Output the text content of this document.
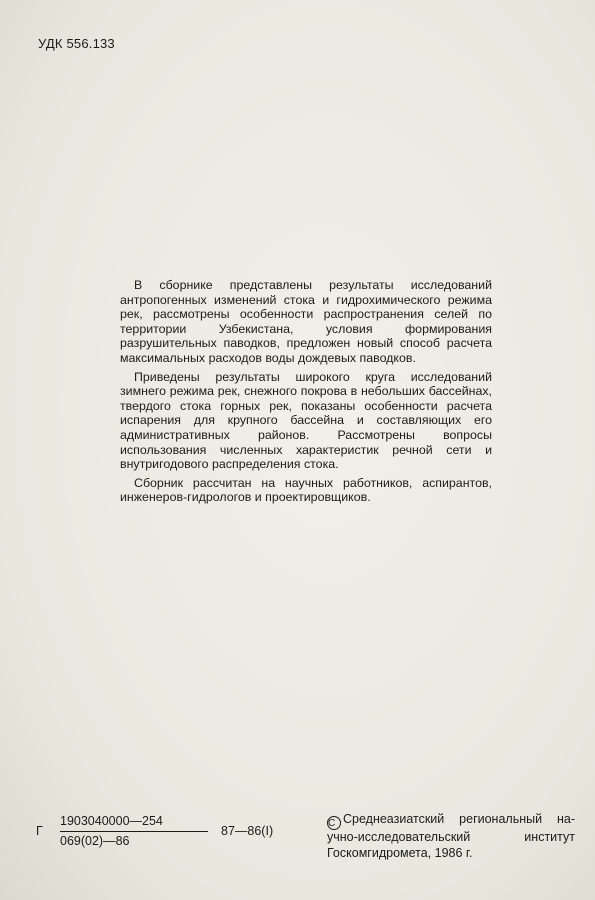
УДК 556.133

В сборнике представлены результаты исследований антропогенных изменений стока и гидрохимического режима рек, рассмотрены особенности распространения селей по территории Узбекистана, условия формирования разрушительных паводков, предложен новый способ расчета максимальных расходов воды дождевых паводков.

Приведены результаты широкого круга исследований зимнего режима рек, снежного покрова в небольших бассейнах, твердого стока горных рек, показаны особенности расчета испарения для крупного бассейна и составляющих его административных районов. Рассмотрены вопросы использования численных характеристик речной сети и внутригодового распределения стока.

Сборник рассчитан на научных работников, аспирантов, инженеров-гидрологов и проектировщиков.

Г
1903040000—254
069(02)—86
87—86(I)
C Среднеазиатский региональный на-
учно-исследовательский институт
Госкомгидромета, 1986 г.
